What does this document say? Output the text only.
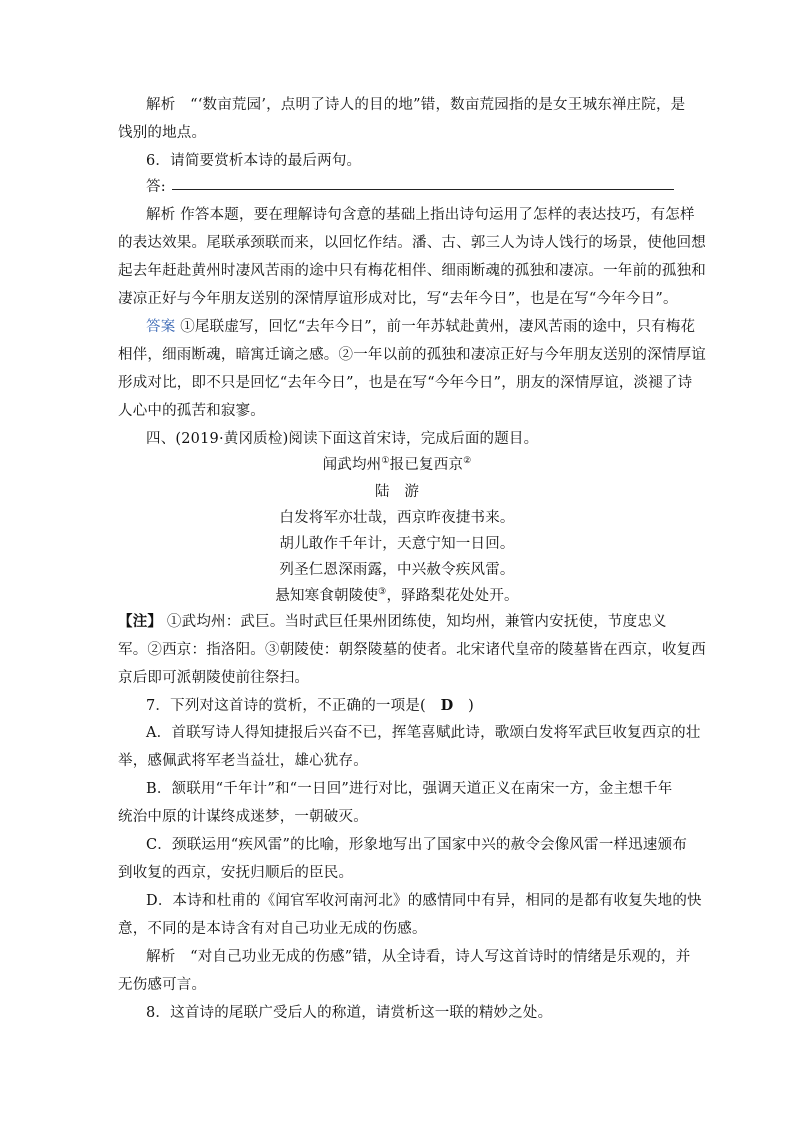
解析　“‘数亩荒园’，点明了诗人的目的地”错，数亩荒园指的是女王城东禅庄院，是
饯别的地点。
6．请简要赏析本诗的最后两句。
答:
解析 作答本题，要在理解诗句含意的基础上指出诗句运用了怎样的表达技巧，有怎样
的表达效果。尾联承颈联而来，以回忆作结。潘、古、郭三人为诗人饯行的场景，使他回想
起去年赶赴黄州时凄风苦雨的途中只有梅花相伴、细雨断魂的孤独和凄凉。一年前的孤独和
凄凉正好与今年朋友送别的深情厚谊形成对比，写“去年今日”，也是在写“今年今日”。
答案 ①尾联虚写，回忆“去年今日”，前一年苏轼赴黄州，凄风苦雨的途中，只有梅花
相伴，细雨断魂，暗寓迁谪之感。②一年以前的孤独和凄凉正好与今年朋友送别的深情厚谊
形成对比，即不只是回忆“去年今日”，也是在写“今年今日”，朋友的深情厚谊，淡褪了诗
人心中的孤苦和寂寥。
四、(2019·黄冈质检)阅读下面这首宋诗，完成后面的题目。
闻武均州①报已复西京②
陆　游
白发将军亦壮哉，西京昨夜捷书来。
胡儿敢作千年计，天意宁知一日回。
列圣仁恩深雨露，中兴赦令疾风雷。
悬知寒食朝陵使③，驿路梨花处处开。
【注】 ①武均州：武巨。当时武巨任果州团练使，知均州，兼管内安抚使，节度忠义
军。②西京：指洛阳。③朝陵使：朝祭陵墓的使者。北宋诸代皇帝的陵墓皆在西京，收复西
京后即可派朝陵使前往祭扫。
7．下列对这首诗的赏析，不正确的一项是(　D　)
A．首联写诗人得知捷报后兴奋不已，挥笔喜赋此诗，歌颂白发将军武巨收复西京的壮
举，感佩武将军老当益壮，雄心犹存。
B．颔联用“千年计”和“一日回”进行对比，强调天道正义在南宋一方，金主想千年
统治中原的计谋终成迷梦，一朝破灭。
C．颈联运用“疾风雷”的比喻，形象地写出了国家中兴的赦令会像风雷一样迅速颁布
到收复的西京，安抚归顺后的臣民。
D．本诗和杜甫的《闻官军收河南河北》的感情同中有异，相同的是都有收复失地的快
意，不同的是本诗含有对自己功业无成的伤感。
解析　“对自己功业无成的伤感”错，从全诗看，诗人写这首诗时的情绪是乐观的，并
无伤感可言。
8．这首诗的尾联广受后人的称道，请赏析这一联的精妙之处。
